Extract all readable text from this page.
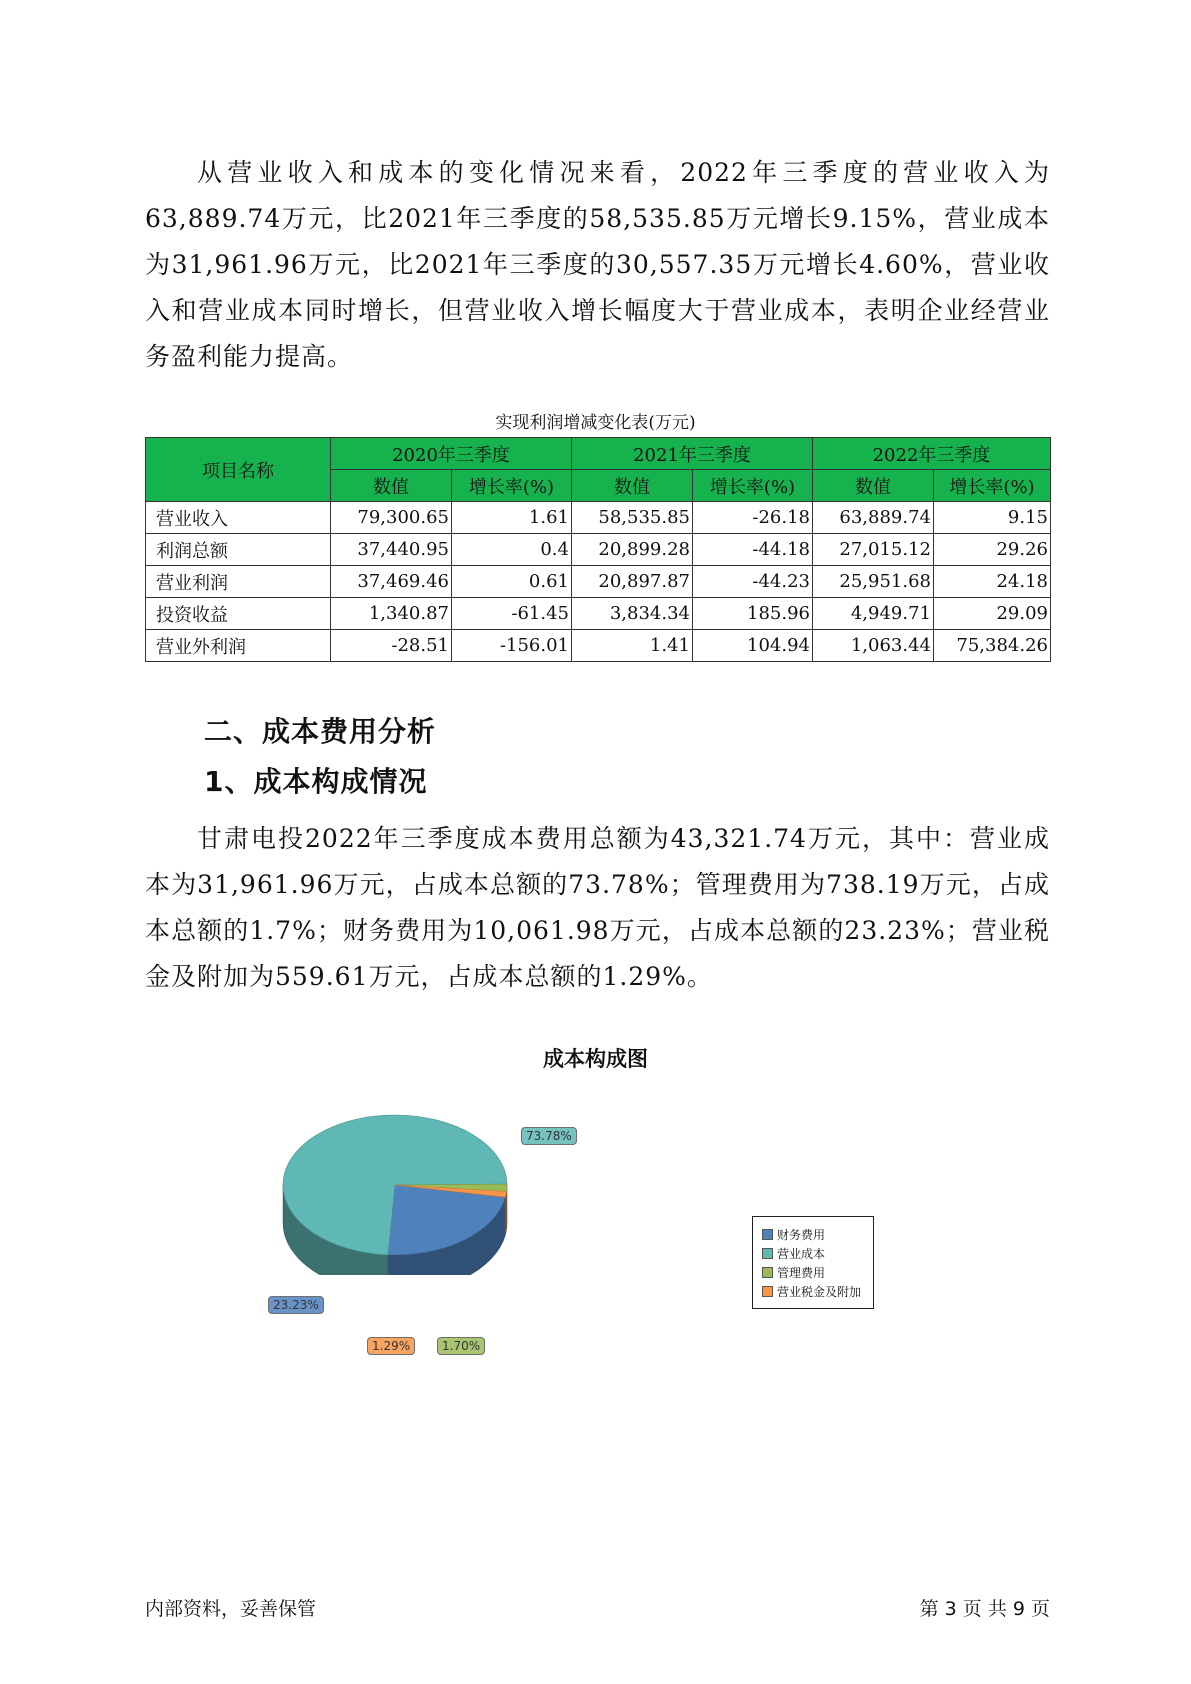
从营业收入和成本的变化情况来看，2022年三季度的营业收入为63,889.74万元，比2021年三季度的58,535.85万元增长9.15%，营业成本为31,961.96万元，比2021年三季度的30,557.35万元增长4.60%，营业收入和营业成本同时增长，但营业收入增长幅度大于营业成本，表明企业经营业务盈利能力提高。

实现利润增减变化表(万元)
项目名称	2020年三季度		2021年三季度		2022年三季度	
	数值	增长率(%)	数值	增长率(%)	数值	增长率(%)
营业收入	79,300.65	1.61	58,535.85	-26.18	63,889.74	9.15
利润总额	37,440.95	0.4	20,899.28	-44.18	27,015.12	29.26
营业利润	37,469.46	0.61	20,897.87	-44.23	25,951.68	24.18
投资收益	1,340.87	-61.45	3,834.34	185.96	4,949.71	29.09
营业外利润	-28.51	-156.01	1.41	104.94	1,063.44	75,384.26
二、成本费用分析
1、成本构成情况

甘肃电投2022年三季度成本费用总额为43,321.74万元，其中：营业成本为31,961.96万元，占成本总额的73.78%；管理费用为738.19万元，占成本总额的1.7%；财务费用为10,061.98万元，占成本总额的23.23%；营业税金及附加为559.61万元，占成本总额的1.29%。

成本构成图
财务费用
营业成本
管理费用
营业税金及附加
内部资料，妥善保管	第 3 页 共 9 页
23.23%
73.78%
1.70%
1.29%
